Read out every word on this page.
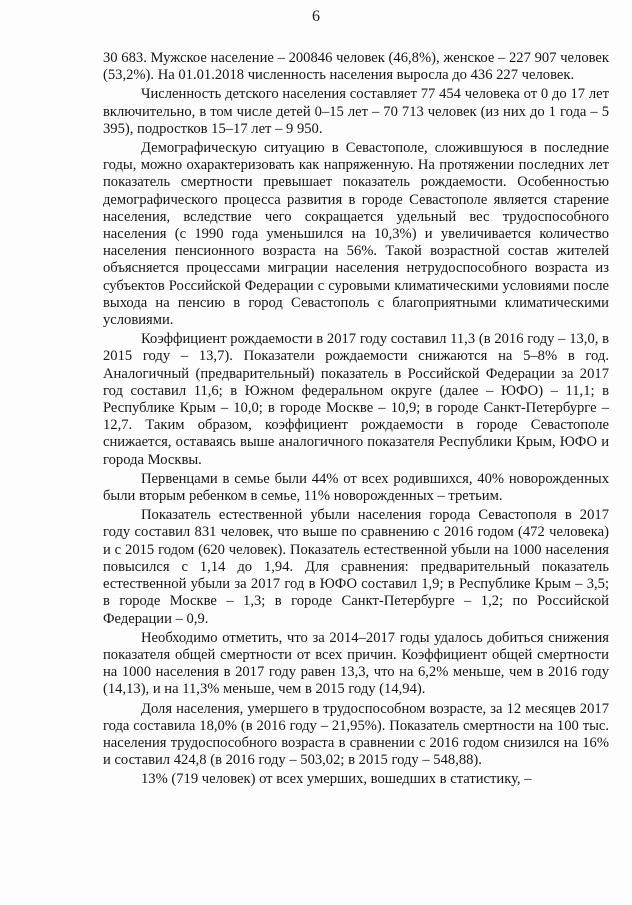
6

30 683. Мужское население – 200846 человек (46,8%), женское – 227 907 человек (53,2%). На 01.01.2018 численность населения выросла до 436 227 человек.

Численность детского населения составляет 77 454 человека от 0 до 17 лет включительно, в том числе детей 0–15 лет – 70 713 человек (из них до 1 года – 5 395), подростков 15–17 лет – 9 950.

Демографическую ситуацию в Севастополе, сложившуюся в последние годы, можно охарактеризовать как напряженную. На протяжении последних лет показатель смертности превышает показатель рождаемости. Особенностью демографического процесса развития в городе Севастополе является старение населения, вследствие чего сокращается удельный вес трудоспособного населения (с 1990 года уменьшился на 10,3%) и увеличивается количество населения пенсионного возраста на 56%. Такой возрастной состав жителей объясняется процессами миграции населения нетрудоспособного возраста из субъектов Российской Федерации с суровыми климатическими условиями после выхода на пенсию в город Севастополь с благоприятными климатическими условиями.

Коэффициент рождаемости в 2017 году составил 11,3 (в 2016 году – 13,0, в 2015 году – 13,7). Показатели рождаемости снижаются на 5–8% в год. Аналогичный (предварительный) показатель в Российской Федерации за 2017 год составил 11,6; в Южном федеральном округе (далее – ЮФО) – 11,1; в Республике Крым – 10,0; в городе Москве – 10,9; в городе Санкт-Петербурге – 12,7. Таким образом, коэффициент рождаемости в городе Севастополе снижается, оставаясь выше аналогичного показателя Республики Крым, ЮФО и города Москвы.

Первенцами в семье были 44% от всех родившихся, 40% новорожденных были вторым ребенком в семье, 11% новорожденных – третьим.

Показатель естественной убыли населения города Севастополя в 2017 году составил 831 человек, что выше по сравнению с 2016 годом (472 человека) и с 2015 годом (620 человек). Показатель естественной убыли на 1000 населения повысился с 1,14 до 1,94. Для сравнения: предварительный показатель естественной убыли за 2017 год в ЮФО составил 1,9; в Республике Крым – 3,5; в городе Москве – 1,3; в городе Санкт-Петербурге – 1,2; по Российской Федерации – 0,9.

Необходимо отметить, что за 2014–2017 годы удалось добиться снижения показателя общей смертности от всех причин. Коэффициент общей смертности на 1000 населения в 2017 году равен 13,3, что на 6,2% меньше, чем в 2016 году (14,13), и на 11,3% меньше, чем в 2015 году (14,94).

Доля населения, умершего в трудоспособном возрасте, за 12 месяцев 2017 года составила 18,0% (в 2016 году – 21,95%). Показатель смертности на 100 тыс. населения трудоспособного возраста в сравнении с 2016 годом снизился на 16% и составил 424,8 (в 2016 году – 503,02; в 2015 году – 548,88).

13% (719 человек) от всех умерших, вошедших в статистику, –
